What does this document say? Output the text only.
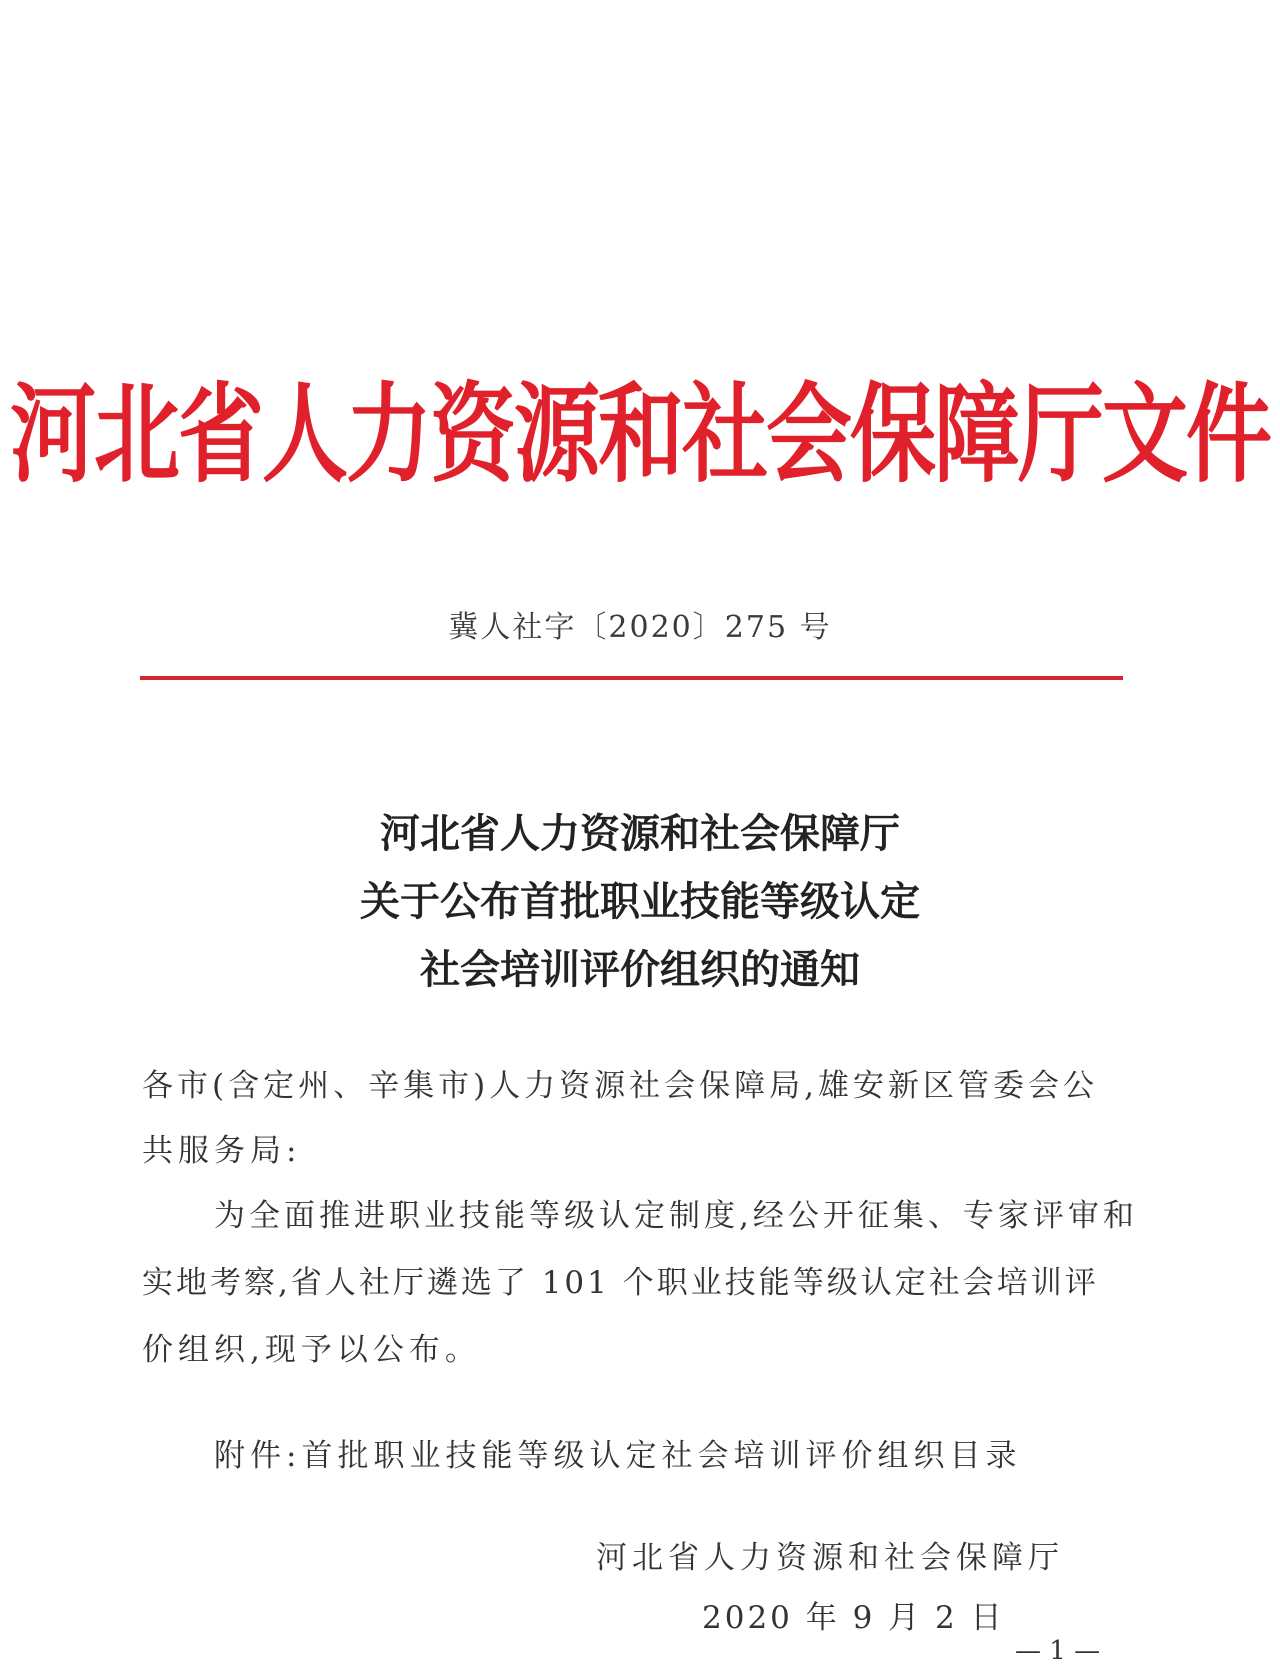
河北省人力资源和社会保障厅文件
冀人社字〔2020〕275 号
河北省人力资源和社会保障厅
关于公布首批职业技能等级认定
社会培训评价组织的通知
各市(含定州、辛集市)人力资源社会保障局,雄安新区管委会公
共服务局:
为全面推进职业技能等级认定制度,经公开征集、专家评审和
实地考察,省人社厅遴选了 101 个职业技能等级认定社会培训评
价组织,现予以公布。
附件:首批职业技能等级认定社会培训评价组织目录
河北省人力资源和社会保障厅
2020 年 9 月 2 日
— 1 —
